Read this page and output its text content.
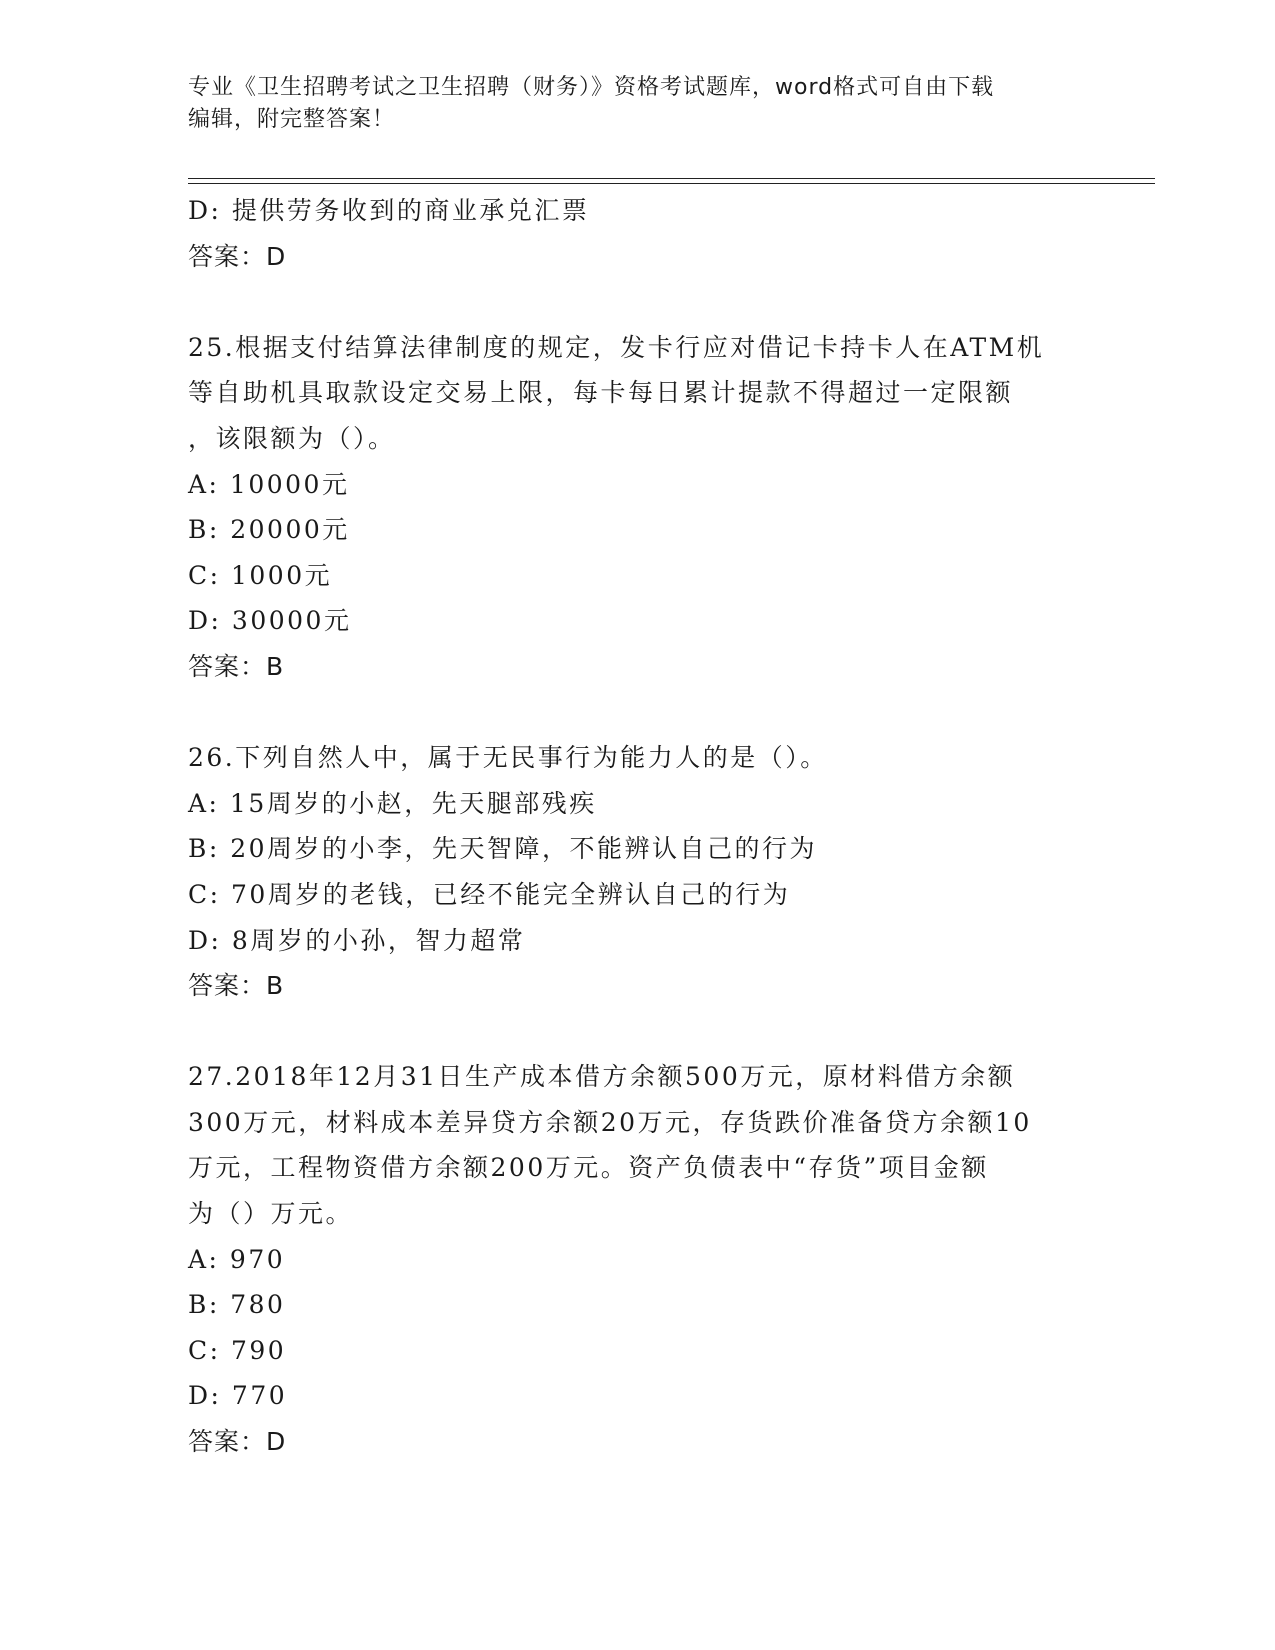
专业《卫生招聘考试之卫生招聘（财务）》资格考试题库，word格式可自由下载
编辑，附完整答案！
D: 提供劳务收到的商业承兑汇票
答案：D
25.根据支付结算法律制度的规定，发卡行应对借记卡持卡人在ATM机
等自助机具取款设定交易上限，每卡每日累计提款不得超过一定限额
，该限额为（）。
A: 10000元
B: 20000元
C: 1000元
D: 30000元
答案：B
26.下列自然人中，属于无民事行为能力人的是（）。
A: 15周岁的小赵，先天腿部残疾
B: 20周岁的小李，先天智障，不能辨认自己的行为
C: 70周岁的老钱，已经不能完全辨认自己的行为
D: 8周岁的小孙，智力超常
答案：B
27.2018年12月31日生产成本借方余额500万元，原材料借方余额
300万元，材料成本差异贷方余额20万元，存货跌价准备贷方余额10
万元，工程物资借方余额200万元。资产负债表中“存货”项目金额
为（）万元。
A: 970
B: 780
C: 790
D: 770
答案：D
